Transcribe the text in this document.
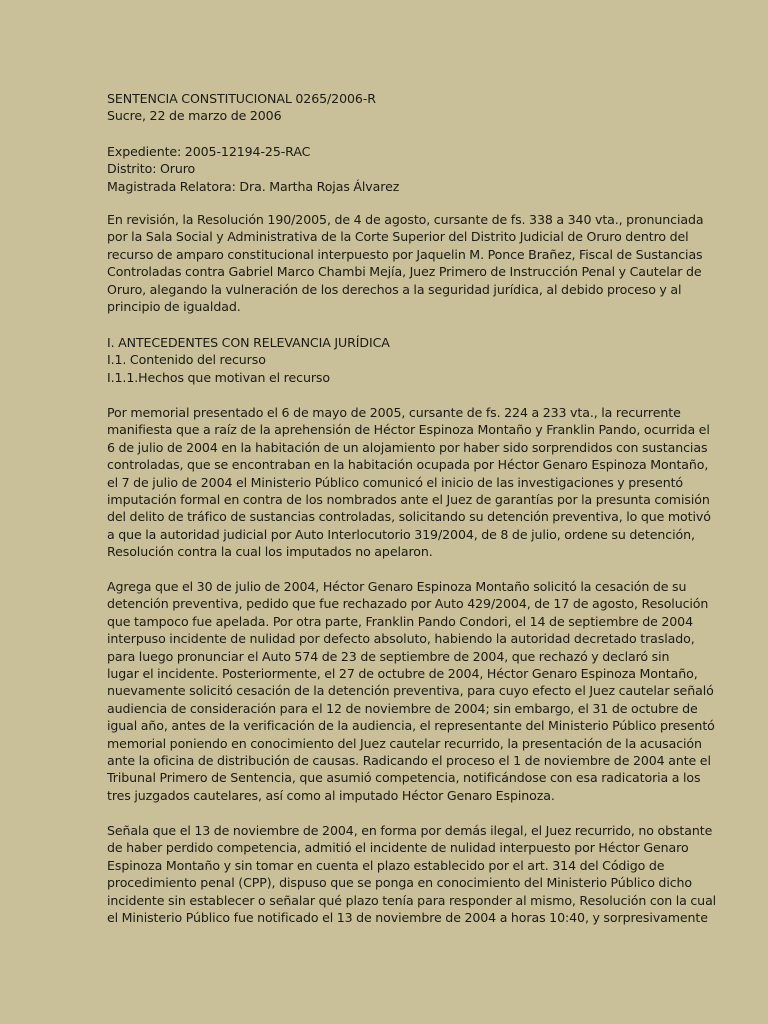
SENTENCIA CONSTITUCIONAL 0265/2006-R
Sucre, 22 de marzo de 2006
Expediente: 2005-12194-25-RAC
Distrito: Oruro
Magistrada Relatora: Dra. Martha Rojas Álvarez
En revisión, la Resolución 190/2005, de 4 de agosto, cursante de fs. 338 a 340 vta., pronunciada
por la Sala Social y Administrativa de la Corte Superior del Distrito Judicial de Oruro dentro del
recurso de amparo constitucional interpuesto por Jaquelin M. Ponce Brañez, Fiscal de Sustancias
Controladas contra Gabriel Marco Chambi Mejía, Juez Primero de Instrucción Penal y Cautelar de
Oruro, alegando la vulneración de los derechos a la seguridad jurídica, al debido proceso y al
principio de igualdad.
I. ANTECEDENTES CON RELEVANCIA JURÍDICA
I.1. Contenido del recurso
I.1.1.Hechos que motivan el recurso
Por memorial presentado el 6 de mayo de 2005, cursante de fs. 224 a 233 vta., la recurrente
manifiesta que a raíz de la aprehensión de Héctor Espinoza Montaño y Franklin Pando, ocurrida el
6 de julio de 2004 en la habitación de un alojamiento por haber sido sorprendidos con sustancias
controladas, que se encontraban en la habitación ocupada por Héctor Genaro Espinoza Montaño,
el 7 de julio de 2004 el Ministerio Público comunicó el inicio de las investigaciones y presentó
imputación formal en contra de los nombrados ante el Juez de garantías por la presunta comisión
del delito de tráfico de sustancias controladas, solicitando su detención preventiva, lo que motivó
a que la autoridad judicial por Auto Interlocutorio 319/2004, de 8 de julio, ordene su detención,
Resolución contra la cual los imputados no apelaron.
Agrega que el 30 de julio de 2004, Héctor Genaro Espinoza Montaño solicitó la cesación de su
detención preventiva, pedido que fue rechazado por Auto 429/2004, de 17 de agosto, Resolución
que tampoco fue apelada. Por otra parte, Franklin Pando Condori, el 14 de septiembre de 2004
interpuso incidente de nulidad por defecto absoluto, habiendo la autoridad decretado traslado,
para luego pronunciar el Auto 574 de 23 de septiembre de 2004, que rechazó y declaró sin
lugar el incidente. Posteriormente, el 27 de octubre de 2004, Héctor Genaro Espinoza Montaño,
nuevamente solicitó cesación de la detención preventiva, para cuyo efecto el Juez cautelar señaló
audiencia de consideración para el 12 de noviembre de 2004; sin embargo, el 31 de octubre de
igual año, antes de la verificación de la audiencia, el representante del Ministerio Público presentó
memorial poniendo en conocimiento del Juez cautelar recurrido, la presentación de la acusación
ante la oficina de distribución de causas. Radicando el proceso el 1 de noviembre de 2004 ante el
Tribunal Primero de Sentencia, que asumió competencia, notificándose con esa radicatoria a los
tres juzgados cautelares, así como al imputado Héctor Genaro Espinoza.
Señala que el 13 de noviembre de 2004, en forma por demás ilegal, el Juez recurrido, no obstante
de haber perdido competencia, admitió el incidente de nulidad interpuesto por Héctor Genaro
Espinoza Montaño y sin tomar en cuenta el plazo establecido por el art. 314 del Código de
procedimiento penal (CPP), dispuso que se ponga en conocimiento del Ministerio Público dicho
incidente sin establecer o señalar qué plazo tenía para responder al mismo, Resolución con la cual
el Ministerio Público fue notificado el 13 de noviembre de 2004 a horas 10:40, y sorpresivamente
